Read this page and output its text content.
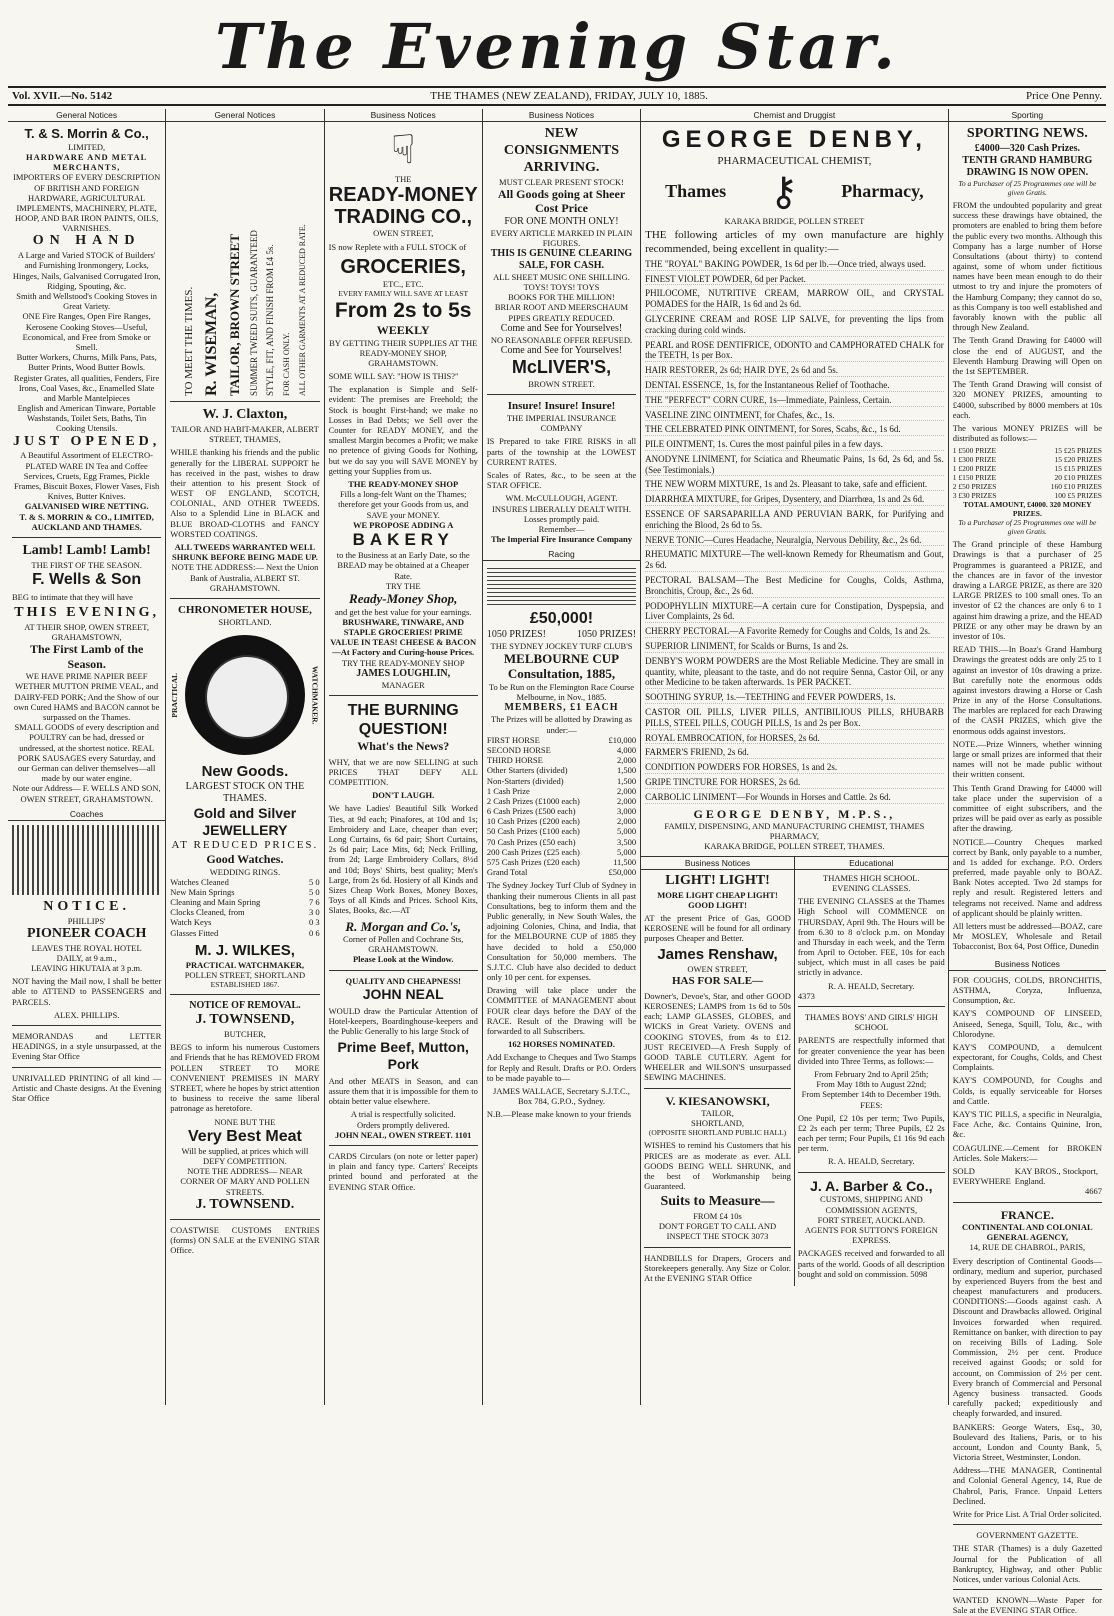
The Evening Star.
Vol. XVII.—No. 5142	THE THAMES (NEW ZEALAND), FRIDAY, JULY 10, 1885.	Price One Penny.
General Notices
T. & S. Morrin & Co.,
LIMITED,
HARDWARE AND METAL MERCHANTS,
IMPORTERS OF EVERY DESCRIPTION OF BRITISH AND FOREIGN HARDWARE, AGRICULTURAL IMPLEMENTS, MACHINERY, PLATE, HOOP, AND BAR IRON PAINTS, OILS, VARNISHES.
ON HAND
A Large and Varied STOCK of Builders' and Furnishing Ironmongery, Locks, Hinges, Nails, Galvanised Corrugated Iron, Ridging, Spouting, &c.
Smith and Wellstood's Cooking Stoves in Great Variety.
ONE Fire Ranges, Open Fire Ranges, Kerosene Cooking Stoves—Useful, Economical, and Free from Smoke or Smell.
Butter Workers, Churns, Milk Pans, Pats, Butter Prints, Wood Butter Bowls.
Register Grates, all qualities, Fenders, Fire Irons, Coal Vases, &c., Enamelled Slate and Marble Mantelpieces
English and American Tinware, Portable Washstands, Toilet Sets, Baths, Tin Cooking Utensils.
JUST OPENED,
A Beautiful Assortment of ELECTRO-PLATED WARE IN Tea and Coffee Services, Cruets, Egg Frames, Pickle Frames, Biscuit Boxes, Flower Vases, Fish Knives, Butter Knives.
GALVANISED WIRE NETTING.
T. & S. MORRIN & CO., LIMITED, AUCKLAND AND THAMES.
Lamb! Lamb! Lamb!
THE FIRST OF THE SEASON.
F. Wells & Son
BEG to intimate that they will have
THIS EVENING,
AT THEIR SHOP, OWEN STREET, GRAHAMSTOWN,
The First Lamb of the Season.
WE HAVE PRIME NAPIER BEEF WETHER MUTTON PRIME VEAL, and DAIRY-FED PORK; And the Show of our own Cured HAMS and BACON cannot be surpassed on the Thames.
SMALL GOODS of every description and POULTRY can be had, dressed or undressed, at the shortest notice. REAL PORK SAUSAGES every Saturday, and our German can deliver themselves—all made by our water engine.
Note our Address— F. WELLS AND SON, OWEN STREET, GRAHAMSTOWN.
Coaches
NOTICE.
PHILLIPS'
PIONEER COACH
LEAVES THE ROYAL HOTEL
DAILY, at 9 a.m.,
LEAVING HIKUTAIA at 3 p.m.
NOT having the Mail now, I shall be better able to ATTEND to PASSENGERS and PARCELS.
ALEX. PHILLIPS.
MEMORANDAS and LETTER HEADINGS, in a style unsurpassed, at the Evening Star Office
UNRIVALLED PRINTING of all kind —Artistic and Chaste designs. At the Evening Star Office
General Notices
TO MEET THE TIMES. R. WISEMAN, TAILOR, BROWN STREET SUMMER TWEED SUITS, GUARANTEED STYLE, FIT, AND FINISH FROM £4 5s. FOR CASH ONLY. ALL OTHER GARMENTS AT A REDUCED RATE.
W. J. Claxton,
TAILOR AND HABIT-MAKER, ALBERT STREET, THAMES,
WHILE thanking his friends and the public generally for the LIBERAL SUPPORT he has received in the past, wishes to draw their attention to his present Stock of WEST OF ENGLAND, SCOTCH, COLONIAL, AND OTHER TWEEDS. Also to a Splendid Line in BLACK and BLUE BROAD-CLOTHS and FANCY WORSTED COATINGS.
ALL TWEEDS WARRANTED WELL SHRUNK BEFORE BEING MADE UP.
NOTE THE ADDRESS:— Next the Union Bank of Australia, ALBERT ST. GRAHAMSTOWN.
CHRONOMETER HOUSE,
SHORTLAND.
PRACTICAL	WATCHMAKER.
New Goods.
LARGEST STOCK ON THE THAMES.
Gold and Silver JEWELLERY
AT REDUCED PRICES.
Good Watches.
WEDDING RINGS.
Watches Cleaned	5 0
New Main Springs	5 0
Cleaning and Main Spring	7 6
Clocks Cleaned, from	3 0
Watch Keys	0 3
Glasses Fitted	0 6
M. J. WILKES,
PRACTICAL WATCHMAKER,
POLLEN STREET, SHORTLAND
ESTABLISHED 1867.
NOTICE OF REMOVAL.
J. TOWNSEND,
BUTCHER,
BEGS to inform his numerous Customers and Friends that he has REMOVED FROM POLLEN STREET TO MORE CONVENIENT PREMISES IN MARY STREET, where he hopes by strict attention to business to receive the same liberal patronage as heretofore.
NONE BUT THE
Very Best Meat
Will be supplied, at prices which will DEFY COMPETITION.
NOTE THE ADDRESS— NEAR CORNER OF MARY AND POLLEN STREETS.
J. TOWNSEND.
COASTWISE CUSTOMS ENTRIES (forms) ON SALE at the EVENING STAR Office.
Business Notices
☟
THE
READY-MONEY TRADING CO.,
OWEN STREET,
IS now Replete with a FULL STOCK of
GROCERIES,
ETC., ETC.
EVERY FAMILY WILL SAVE AT LEAST
From 2s to 5s
WEEKLY
BY GETTING THEIR SUPPLIES AT THE READY-MONEY SHOP, GRAHAMSTOWN.
SOME WILL SAY: "HOW IS THIS?"
The explanation is Simple and Self-evident: The premises are Freehold; the Stock is bought First-hand; we make no Losses in Bad Debts; we Sell over the Counter for READY MONEY, and the smallest Margin becomes a Profit; we make no pretence of giving Goods for Nothing, but we do say you will SAVE MONEY by getting your Supplies from us.
THE READY-MONEY SHOP
Fills a long-felt Want on the Thames; therefore get your Goods from us, and SAVE your MONEY.
WE PROPOSE ADDING A
BAKERY
to the Business at an Early Date, so the BREAD may be obtained at a Cheaper Rate.
TRY THE
Ready-Money Shop,
and get the best value for your earnings.
BRUSHWARE, TINWARE, AND STAPLE GROCERIES! PRIME VALUE IN TEAS! CHEESE & BACON—At Factory and Curing-house Prices.
TRY THE READY-MONEY SHOP
JAMES LOUGHLIN,
MANAGER
THE BURNING QUESTION!
What's the News?
WHY, that we are now SELLING at such PRICES THAT DEFY ALL COMPETITION.
DON'T LAUGH.
We have Ladies' Beautiful Silk Worked Ties, at 9d each; Pinafores, at 10d and 1s; Embroidery and Lace, cheaper than ever; Long Curtains, 6s 6d pair; Short Curtains, 2s 6d pair; Lace Mits, 6d; Neck Frilling, from 2d; Large Embroidery Collars, 8½d and 10d; Boys' Shirts, best quality; Men's Large, from 2s 6d. Hosiery of all Kinds and Sizes Cheap Work Boxes, Money Boxes, Toys of all Kinds and Prices. School Kits, Slates, Books, &c.—AT
R. Morgan and Co.'s,
Corner of Pollen and Cochrane Sts, GRAHAMSTOWN.
Please Look at the Window.
QUALITY AND CHEAPNESS!
JOHN NEAL
WOULD draw the Particular Attention of Hotel-keepers, Boardinghouse-keepers and the Public Generally to his large Stock of
Prime Beef, Mutton, Pork
And other MEATS in Season, and can assure them that it is impossible for them to obtain better value elsewhere.
A trial is respectfully solicited.
Orders promptly delivered.
JOHN NEAL, OWEN STREET. 1101
CARDS Circulars (on note or letter paper) in plain and fancy type. Carters' Receipts printed bound and perforated at the EVENING STAR Office.
Business Notices
NEW CONSIGNMENTS ARRIVING.
MUST CLEAR PRESENT STOCK!
All Goods going at Sheer Cost Price
FOR ONE MONTH ONLY!
EVERY ARTICLE MARKED IN PLAIN FIGURES.
THIS IS GENUINE CLEARING SALE, FOR CASH.
ALL SHEET MUSIC ONE SHILLING.
TOYS! TOYS! TOYS
BOOKS FOR THE MILLION!
BRIAR ROOT AND MEERSCHAUM PIPES GREATLY REDUCED.
Come and See for Yourselves!
NO REASONABLE OFFER REFUSED.
Come and See for Yourselves!
McLIVER'S,
BROWN STREET.
Insure! Insure! Insure!
THE IMPERIAL INSURANCE COMPANY
IS Prepared to take FIRE RISKS in all parts of the township at the LOWEST CURRENT RATES.
Scales of Rates, &c., to be seen at the STAR OFFICE.
WM. McCULLOUGH, AGENT.
INSURES LIBERALLY DEALT WITH. Losses promptly paid.
Remember—
The Imperial Fire Insurance Company
Racing
£50,000!
1050 PRIZES!	1050 PRIZES!
THE SYDNEY JOCKEY TURF CLUB'S
MELBOURNE CUP Consultation, 1885,
To be Run on the Flemington Race Course Melbourne, in Nov., 1885.
MEMBERS, £1 EACH
The Prizes will be allotted by Drawing as under:—
FIRST HORSE	£10,000
SECOND HORSE	4,000
THIRD HORSE	2,000
Other Starters (divided)	1,500
Non-Starters (divided)	1,500
1 Cash Prize	2,000
2 Cash Prizes (£1000 each)	2,000
6 Cash Prizes (£500 each)	3,000
10 Cash Prizes (£200 each)	2,000
50 Cash Prizes (£100 each)	5,000
70 Cash Prizes (£50 each)	3,500
200 Cash Prizes (£25 each)	5,000
575 Cash Prizes (£20 each)	11,500
Grand Total	£50,000
The Sydney Jockey Turf Club of Sydney in thanking their numerous Clients in all past Consultations, beg to inform them and the Public generally, in New South Wales, the adjoining Colonies, China, and India, that for the MELBOURNE CUP of 1885 they have decided to hold a £50,000 Consultation for 50,000 members. The S.J.T.C. Club have also decided to deduct only 10 per cent. for expenses.
Drawing will take place under the COMMITTEE of MANAGEMENT about FOUR clear days before the DAY of the RACE. Result of the Drawing will be forwarded to all Subscribers.
162 HORSES NOMINATED.
Add Exchange to Cheques and Two Stamps for Reply and Result. Drafts or P.O. Orders to be made payable to—
JAMES WALLACE, Secretary S.J.T.C., Box 784, G.P.O., Sydney.
N.B.—Please make known to your friends
Chemist and Druggist
GEORGE DENBY,
PHARMACEUTICAL CHEMIST,
Thames ⚷ Pharmacy,
KARAKA BRIDGE, POLLEN STREET
THE following articles of my own manufacture are highly recommended, being excellent in quality:—
THE "ROYAL" BAKING POWDER, 1s 6d per lb.—Once tried, always used.
FINEST VIOLET POWDER, 6d per Packet.
PHILOCOME, NUTRITIVE CREAM, MARROW OIL, and CRYSTAL POMADES for the HAIR, 1s 6d and 2s 6d.
GLYCERINE CREAM and ROSE LIP SALVE, for preventing the lips from cracking during cold winds.
PEARL and ROSE DENTIFRICE, ODONTO and CAMPHORATED CHALK for the TEETH, 1s per Box.
HAIR RESTORER, 2s 6d; HAIR DYE, 2s 6d and 5s.
DENTAL ESSENCE, 1s, for the Instantaneous Relief of Toothache.
THE "PERFECT" CORN CURE, 1s—Immediate, Painless, Certain.
VASELINE ZINC OINTMENT, for Chafes, &c., 1s.
THE CELEBRATED PINK OINTMENT, for Sores, Scabs, &c., 1s 6d.
PILE OINTMENT, 1s. Cures the most painful piles in a few days.
ANODYNE LINIMENT, for Sciatica and Rheumatic Pains, 1s 6d, 2s 6d, and 5s. (See Testimonials.)
THE NEW WORM MIXTURE, 1s and 2s. Pleasant to take, safe and efficient.
DIARRHŒA MIXTURE, for Gripes, Dysentery, and Diarrhœa, 1s and 2s 6d.
ESSENCE OF SARSAPARILLA AND PERUVIAN BARK, for Purifying and enriching the Blood, 2s 6d to 5s.
NERVE TONIC—Cures Headache, Neuralgia, Nervous Debility, &c., 2s 6d.
RHEUMATIC MIXTURE—The well-known Remedy for Rheumatism and Gout, 2s 6d.
PECTORAL BALSAM—The Best Medicine for Coughs, Colds, Asthma, Bronchitis, Croup, &c., 2s 6d.
PODOPHYLLIN MIXTURE—A certain cure for Constipation, Dyspepsia, and Liver Complaints, 2s 6d.
CHERRY PECTORAL—A Favorite Remedy for Coughs and Colds, 1s and 2s.
SUPERIOR LINIMENT, for Scalds or Burns, 1s and 2s.
DENBY'S WORM POWDERS are the Most Reliable Medicine. They are small in quantity, white, pleasant to the taste, and do not require Senna, Castor Oil, or any other Medicine to be taken afterwards. 1s PER PACKET.
SOOTHING SYRUP, 1s.—TEETHING and FEVER POWDERS, 1s.
CASTOR OIL PILLS, LIVER PILLS, ANTIBILIOUS PILLS, RHUBARB PILLS, STEEL PILLS, COUGH PILLS, 1s and 2s per Box.
ROYAL EMBROCATION, for HORSES, 2s 6d.
FARMER'S FRIEND, 2s 6d.
CONDITION POWDERS FOR HORSES, 1s and 2s.
GRIPE TINCTURE FOR HORSES, 2s 6d.
CARBOLIC LINIMENT—For Wounds in Horses and Cattle. 2s 6d.
GEORGE DENBY, M.P.S.,
FAMILY, DISPENSING, AND MANUFACTURING CHEMIST, THAMES PHARMACY,
KARAKA BRIDGE, POLLEN STREET, THAMES.
Business Notices
LIGHT! LIGHT!
MORE LIGHT CHEAP LIGHT! GOOD LIGHT!
AT the present Price of Gas, GOOD KEROSENE will be found for all ordinary purposes Cheaper and Better.
James Renshaw,
OWEN STREET,
HAS FOR SALE—
Downer's, Devoe's, Star, and other GOOD KEROSENES; LAMPS from 1s 6d to 50s each; LAMP GLASSES, GLOBES, and WICKS in Great Variety. OVENS and COOKING STOVES, from 4s to £12. JUST RECEIVED—A Fresh Supply of GOOD TABLE CUTLERY. Agent for WHEELER and WILSON'S unsurpassed SEWING MACHINES.
V. KIESANOWSKI,
TAILOR,
SHORTLAND,
(OPPOSITE SHORTLAND PUBLIC HALL)
WISHES to remind his Customers that his PRICES are as moderate as ever. ALL GOODS BEING WELL SHRUNK, and the best of Workmanship being Guaranteed.
Suits to Measure—
FROM £4 10s
DON'T FORGET TO CALL AND INSPECT THE STOCK 3073
HANDBILLS for Drapers, Grocers and Storekeepers generally. Any Size or Color. At the EVENING STAR Office
Educational
THAMES HIGH SCHOOL.
EVENING CLASSES.
THE EVENING CLASSES at the Thames High School will COMMENCE on THURSDAY, April 9th. The Hours will be from 6.30 to 8 o'clock p.m. on Monday and Thursday in each week, and the Term from April to October. FEE, 10s for each subject, which must in all cases be paid strictly in advance.
R. A. HEALD, Secretary.
4373
THAMES BOYS' AND GIRLS' HIGH SCHOOL
PARENTS are respectfully informed that for greater convenience the year has been divided into Three Terms, as follows:—
From February 2nd to April 25th;
From May 18th to August 22nd;
From September 14th to December 19th.
FEES:
One Pupil, £2 10s per term; Two Pupils, £2 2s each per term; Three Pupils, £2 2s each per term; Four Pupils, £1 16s 9d each per term.
R. A. HEALD, Secretary.
J. A. Barber & Co.,
CUSTOMS, SHIPPING AND COMMISSION AGENTS,
FORT STREET, AUCKLAND.
AGENTS FOR SUTTON'S FOREIGN EXPRESS.
PACKAGES received and forwarded to all parts of the world. Goods of all description bought and sold on commission. 5098
Sporting
SPORTING NEWS.
£4000—320 Cash Prizes.
TENTH GRAND HAMBURG DRAWING IS NOW OPEN.
To a Purchaser of 25 Programmes one will be given Gratis.
FROM the undoubted popularity and great success these drawings have obtained, the promoters are enabled to bring them before the public every two months. Although this Company has a large number of Horse Consultations (about thirty) to contend against, some of whom under fictitious names have been mean enough to do their utmost to try and injure the promoters of the Hamburg Company; they cannot do so, as this Company is too well established and favorably known with the public all through New Zealand.
The Tenth Grand Drawing for £4000 will close the end of AUGUST, and the Eleventh Hamburg Drawing will Open on the 1st SEPTEMBER.
The Tenth Grand Drawing will consist of 320 MONEY PRIZES, amounting to £4000, subscribed by 8000 members at 10s each.
The various MONEY PRIZES will be distributed as follows:—
1 £500 PRIZE	15 £25 PRIZES
1 £300 PRIZE	15 £20 PRIZES
1 £200 PRIZE	15 £15 PRIZES
1 £150 PRIZE	20 £10 PRIZES
2 £50 PRIZES	160 £10 PRIZES
3 £30 PRIZES	100 £5 PRIZES
TOTAL AMOUNT, £4000. 320 MONEY PRIZES.
To a Purchaser of 25 Programmes one will be given Gratis.
The Grand principle of these Hamburg Drawings is that a purchaser of 25 Programmes is guaranteed a PRIZE, and the chances are in favor of the investor drawing a LARGE PRIZE, as there are 320 LARGE PRIZES to 100 small ones. To an investor of £2 the chances are only 6 to 1 against him drawing a prize, and the HEAD PRIZE or any other may be drawn by an investor of 10s.
READ THIS.—In Boaz's Grand Hamburg Drawings the greatest odds are only 25 to 1 against an investor of 10s drawing a prize. But carefully note the enormous odds against investors drawing a Horse or Cash Prize in any of the Horse Consultations. The marbles are replaced for each Drawing of the CASH PRIZES, which give the enormous odds against investors.
NOTE.—Prize Winners, whether winning large or small prizes are informed that their names will not be made public without their written consent.
This Tenth Grand Drawing for £4000 will take place under the supervision of a committee of eight subscribers, and the prizes will be paid over as early as possible after the drawing.
NOTICE.—Country Cheques marked correct by Bank, only payable to a number, and 1s added for exchange. P.O. Orders preferred, made payable only to BOAZ. Bank Notes accepted. Two 2d stamps for reply and result. Registered letters and telegrams not received. Name and address of applicant should be plainly written.
All letters must be addressed—BOAZ, care Mr MOSLEY, Wholesale and Retail Tobacconist, Box 64, Post Office, Dunedin
Business Notices
FOR COUGHS, COLDS, BRONCHITIS, ASTHMA, Coryza, Influenza, Consumption, &c.
KAY'S COMPOUND OF LINSEED, Aniseed, Senega, Squill, Tolu, &c., with Chlorodyne.
KAY'S COMPOUND, a demulcent expectorant, for Coughs, Colds, and Chest Complaints.
KAY'S COMPOUND, for Coughs and Colds, is equally serviceable for Horses and Cattle.
KAY'S TIC PILLS, a specific in Neuralgia, Face Ache, &c. Contains Quinine, Iron, &c.
COAGULINE.—Cement for BROKEN Articles. Sole Makers:—
SOLD EVERYWHERE
KAY BROS., Stockport, England.
4667
FRANCE.
CONTINENTAL AND COLONIAL GENERAL AGENCY,
14, RUE DE CHABROL, PARIS,
Every description of Continental Goods—ordinary, medium and superior, purchased by experienced Buyers from the best and cheapest manufacturers and producers. CONDITIONS:—Goods against cash. A Discount and Drawbacks allowed. Original Invoices forwarded when required. Remittance on banker, with direction to pay on receiving Bills of Lading. Sole Commission, 2½ per cent. Produce received against Goods; or sold for account, on Commission of 2½ per cent. Every branch of Commercial and Personal Agency business transacted. Goods carefully packed; expeditiously and cheaply forwarded, and insured.
BANKERS: George Waters, Esq., 30, Boulevard des Italiens, Paris, or to his account, London and County Bank, 5, Victoria Street, Westminster, London.
Address—THE MANAGER, Continental and Colonial General Agency, 14, Rue de Chabrol, Paris, France. Unpaid Letters Declined.
Write for Price List. A Trial Order solicited.
GOVERNMENT GAZETTE.
THE STAR (Thames) is a duly Gazetted Journal for the Publication of all Bankruptcy, Highway, and other Public Notices, under various Colonial Acts.
WANTED KNOWN—Waste Paper for Sale at the EVENING STAR Office.
